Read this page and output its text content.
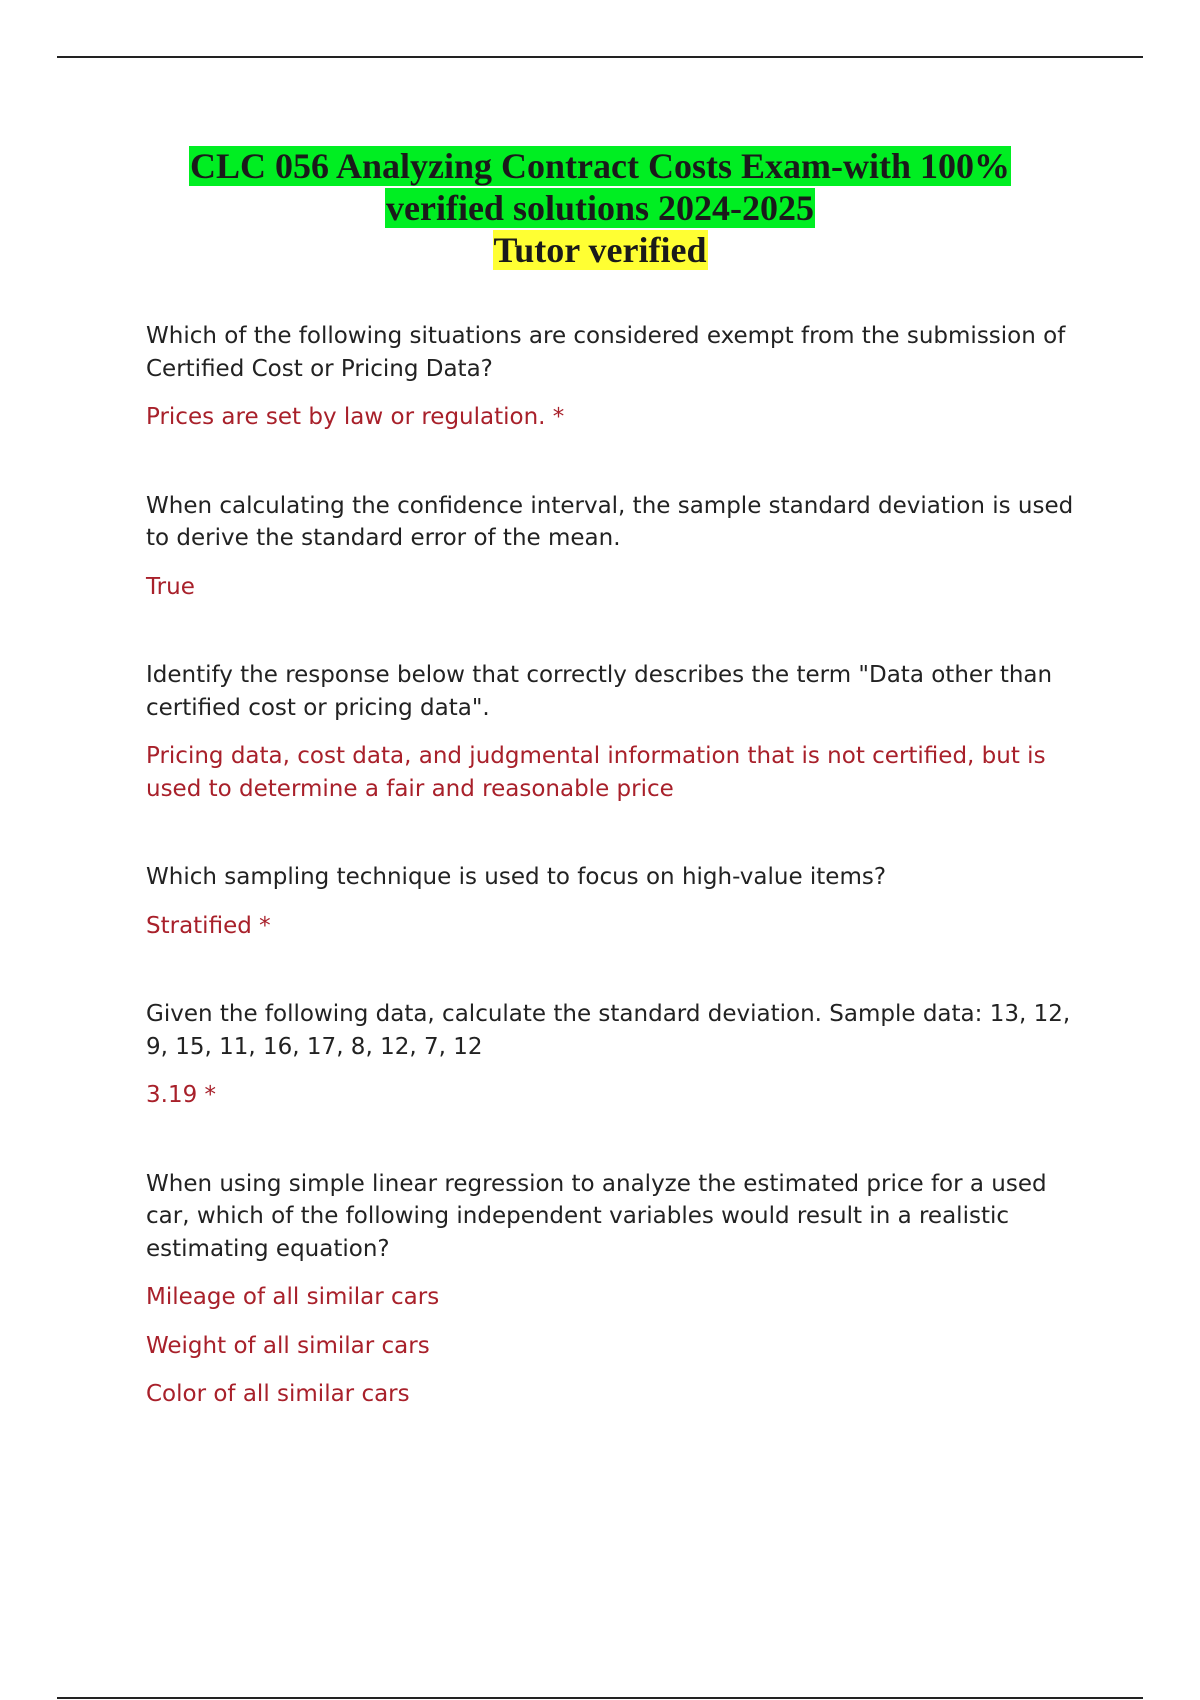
CLC 056 Analyzing Contract Costs Exam-with 100%
verified solutions 2024-2025
Tutor verified

Which of the following situations are considered exempt from the submission of Certified Cost or Pricing Data?

Prices are set by law or regulation. *

When calculating the confidence interval, the sample standard deviation is used to derive the standard error of the mean.

True

Identify the response below that correctly describes the term "Data other than certified cost or pricing data".

Pricing data, cost data, and judgmental information that is not certified, but is used to determine a fair and reasonable price

Which sampling technique is used to focus on high-value items?

Stratified *

Given the following data, calculate the standard deviation. Sample data: 13, 12, 9, 15, 11, 16, 17, 8, 12, 7, 12

3.19 *

When using simple linear regression to analyze the estimated price for a used car, which of the following independent variables would result in a realistic estimating equation?

Mileage of all similar cars

Weight of all similar cars

Color of all similar cars
